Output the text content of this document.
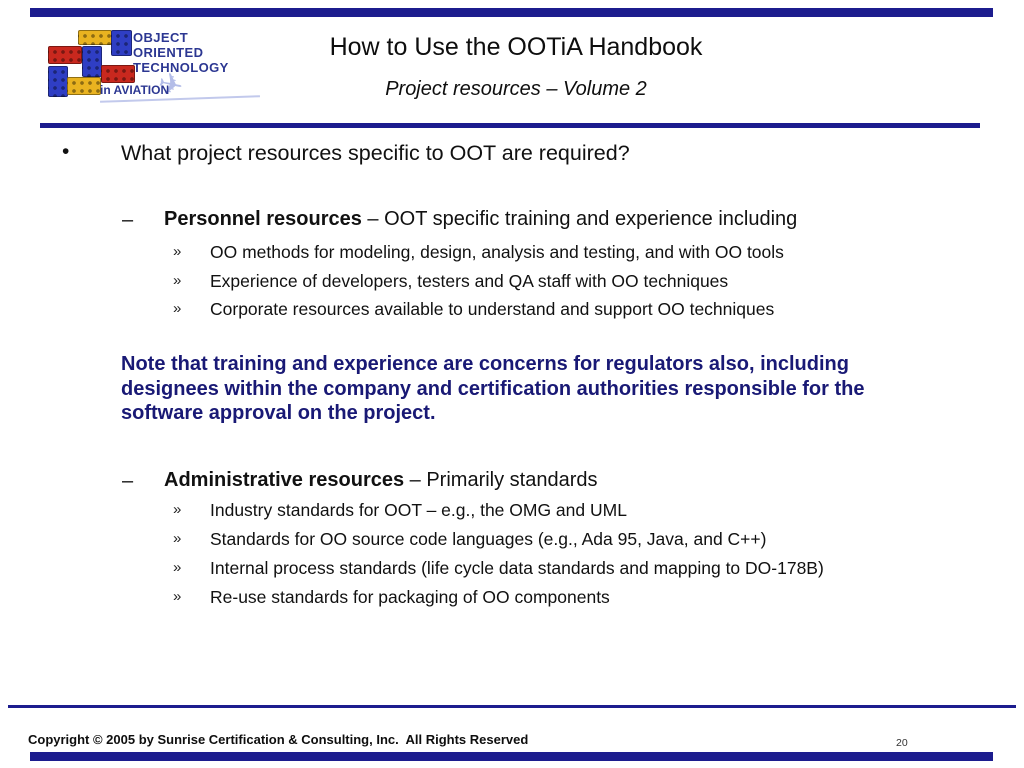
OBJECT
ORIENTED
TECHNOLOGY
✈
in AVIATION
How to Use the OOTiA Handbook
Project resources – Volume 2
• What project resources specific to OOT are required?
– Personnel resources – OOT specific training and experience including
» OO methods for modeling, design, analysis and testing, and with OO tools
» Experience of developers, testers and QA staff with OO techniques
» Corporate resources available to understand and support OO techniques
Note that training and experience are concerns for regulators also, including designees within the company and certification authorities responsible for the software approval on the project.
– Administrative resources – Primarily standards
» Industry standards for OOT – e.g., the OMG and UML
» Standards for OO source code languages (e.g., Ada 95, Java, and C++)
» Internal process standards (life cycle data standards and mapping to DO-178B)
» Re-use standards for packaging of OO components
Copyright © 2005 by Sunrise Certification & Consulting, Inc.  All Rights Reserved	20
